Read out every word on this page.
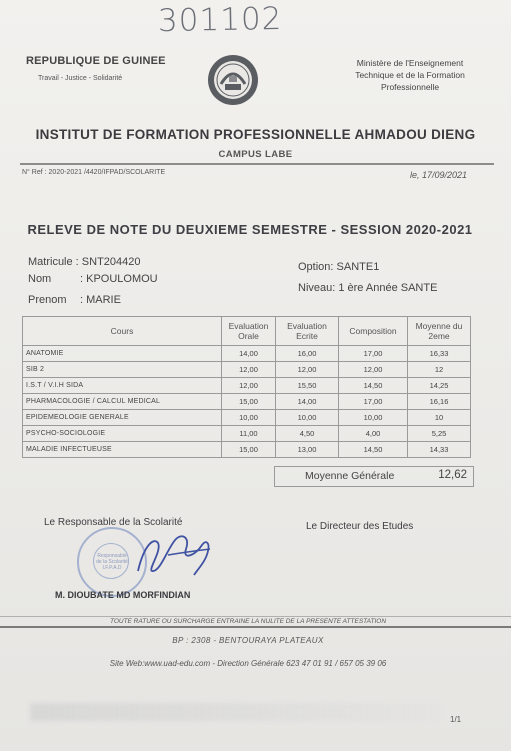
301102
REPUBLIQUE DE GUINEE
Travail - Justice - Solidarité
Ministère de l'Enseignement
Technique et de la Formation
Professionnelle
INSTITUT DE FORMATION PROFESSIONNELLE AHMADOU DIENG
CAMPUS LABE
N° Ref : 2020-2021 /4420/IFPAD/SCOLARITE	le, 17/09/2021
RELEVE DE NOTE DU DEUXIEME SEMESTRE - SESSION 2020-2021
Matricule : SNT204420
Nom	: KPOULOMOU
Prenom : MARIE
Option: SANTE1
Niveau: 1 ère Année SANTE
Cours	Evaluation Orale	Evaluation Ecrite	Composition	Moyenne du 2eme
ANATOMIE	14,00	16,00	17,00	16,33
SIB 2	12,00	12,00	12,00	12
I.S.T / V.I.H SIDA	12,00	15,50	14,50	14,25
PHARMACOLOGIE / CALCUL MEDICAL	15,00	14,00	17,00	16,16
EPIDEMEOLOGIE GENERALE	10,00	10,00	10,00	10
PSYCHO-SOCIOLOGIE	11,00	4,50	4,00	5,25
MALADIE INFECTUEUSE	15,00	13,00	14,50	14,33
Moyenne Générale	12,62
Le Responsable de la Scolarité	Le Directeur des Etudes
Responsable
de la Scolarité
I.F.P.A.D
M. DIOUBATE MD MORFINDIAN
TOUTE RATURE OU SURCHARGE ENTRAINE LA NULITE DE LA PRESENTE ATTESTATION
BP : 2308 - BENTOURAYA PLATEAUX
Site Web:www.uad-edu.com - Direction Générale 623 47 01 91 / 657 05 39 06
1/1
